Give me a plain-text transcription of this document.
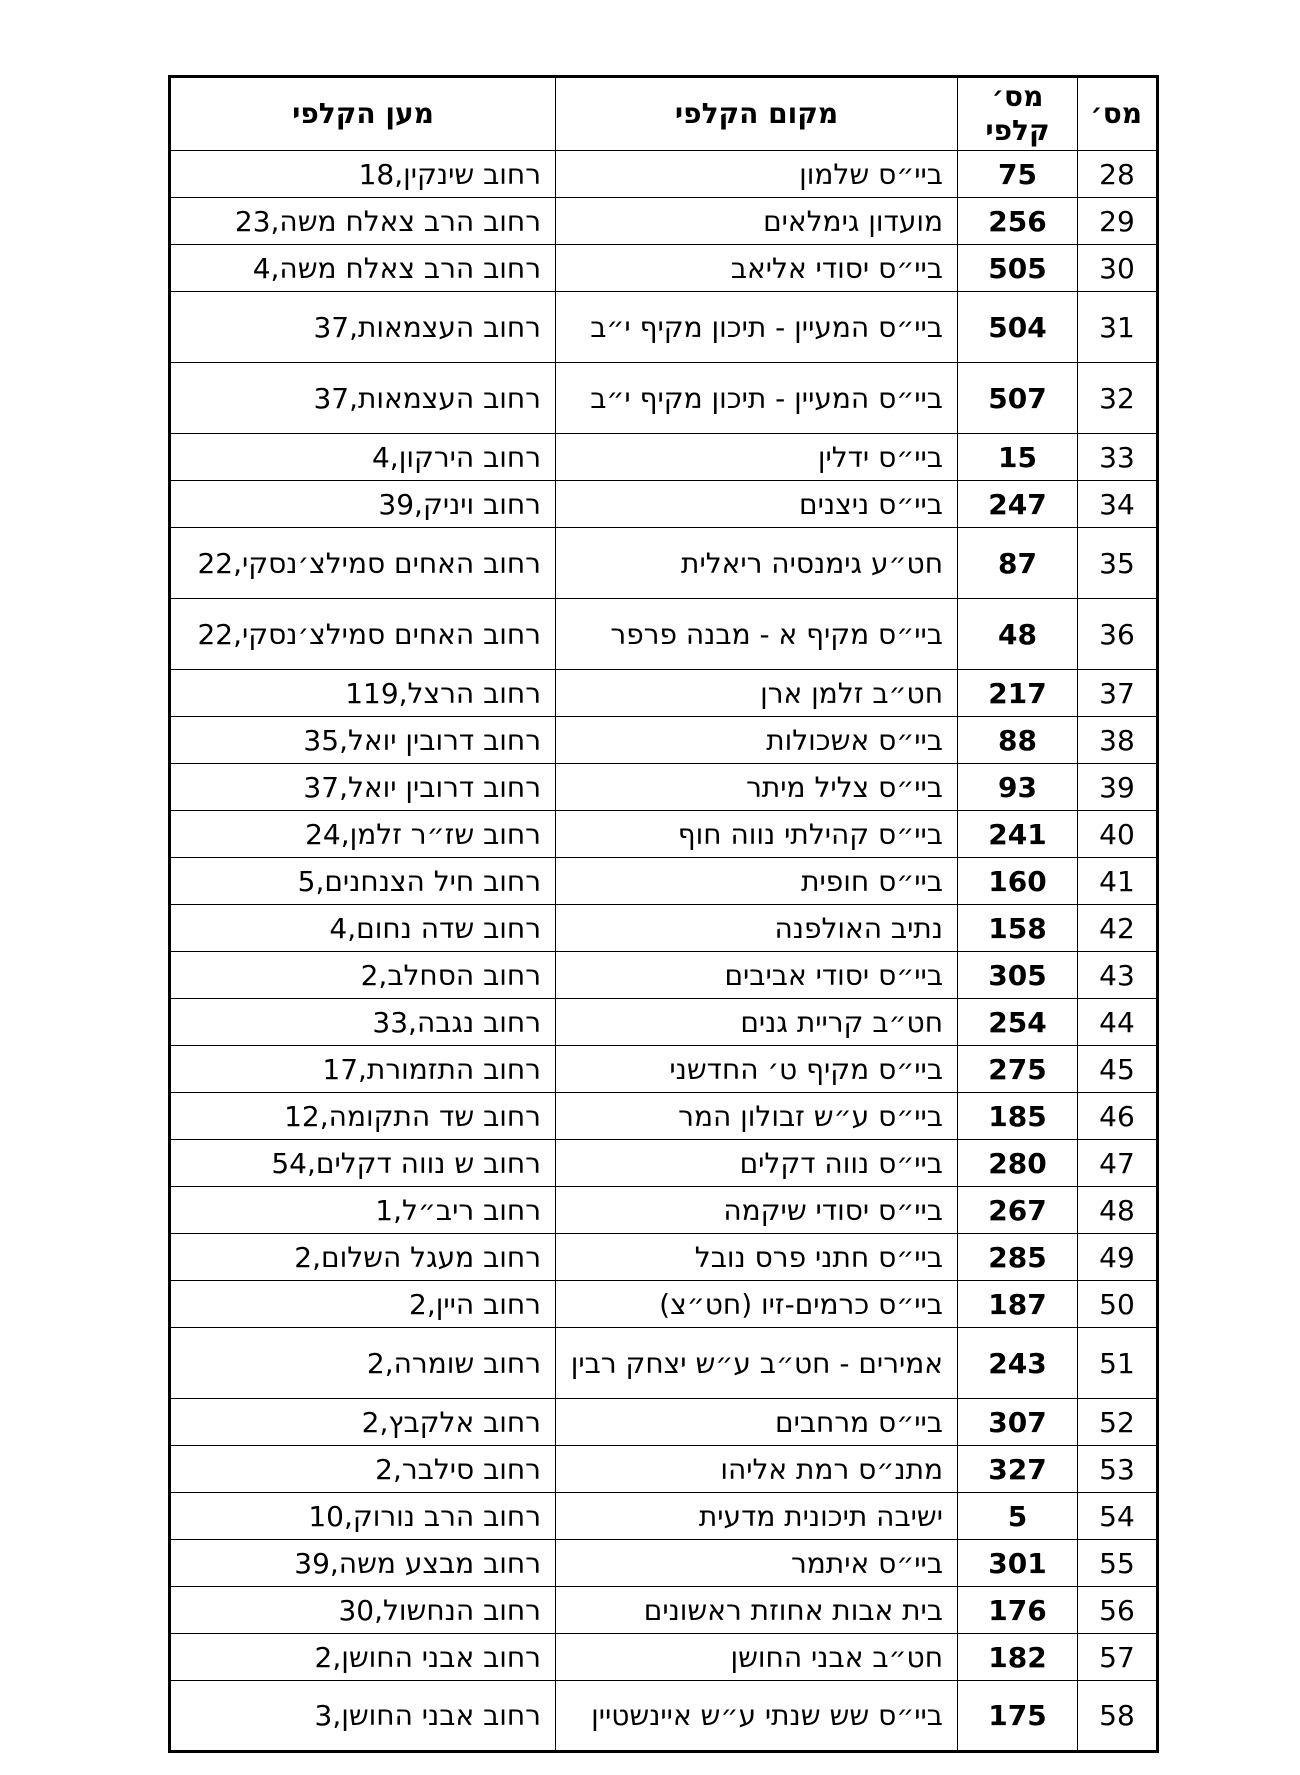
מס׳	מס׳ קלפי	מקום הקלפי	מען הקלפי
28	75	ביי״ס שלמון	רחוב שינקין,18
29	256	מועדון גימלאים	רחוב הרב צאלח משה,23
30	505	ביי״ס יסודי אליאב	רחוב הרב צאלח משה,4
31	504	ביי״ס המעיין - תיכון מקיף י״ב	רחוב העצמאות,37
32	507	ביי״ס המעיין - תיכון מקיף י״ב	רחוב העצמאות,37
33	15	ביי״ס ידלין	רחוב הירקון,4
34	247	ביי״ס ניצנים	רחוב ויניק,39
35	87	חט״ע גימנסיה ריאלית	רחוב האחים סמילצ׳נסקי,22
36	48	ביי״ס מקיף א - מבנה פרפר	רחוב האחים סמילצ׳נסקי,22
37	217	חט״ב זלמן ארן	רחוב הרצל,119
38	88	ביי״ס אשכולות	רחוב דרובין יואל,35
39	93	ביי״ס צליל מיתר	רחוב דרובין יואל,37
40	241	ביי״ס קהילתי נווה חוף	רחוב שז״ר זלמן,24
41	160	ביי״ס חופית	רחוב חיל הצנחנים,5
42	158	נתיב האולפנה	רחוב שדה נחום,4
43	305	ביי״ס יסודי אביבים	רחוב הסחלב,2
44	254	חט״ב קריית גנים	רחוב נגבה,33
45	275	ביי״ס מקיף ט׳ החדשני	רחוב התזמורת,17
46	185	ביי״ס ע״ש זבולון המר	רחוב שד התקומה,12
47	280	ביי״ס נווה דקלים	רחוב ש נווה דקלים,54
48	267	ביי״ס יסודי שיקמה	רחוב ריב״ל,1
49	285	ביי״ס חתני פרס נובל	רחוב מעגל השלום,2
50	187	ביי״ס כרמים-זיו (חט״צ)	רחוב היין,2
51	243	אמירים - חט״ב ע״ש יצחק רבין	רחוב שומרה,2
52	307	ביי״ס מרחבים	רחוב אלקבץ,2
53	327	מתנ״ס רמת אליהו	רחוב סילבר,2
54	5	ישיבה תיכונית מדעית	רחוב הרב נורוק,10
55	301	ביי״ס איתמר	רחוב מבצע משה,39
56	176	בית אבות אחוזת ראשונים	רחוב הנחשול,30
57	182	חט״ב אבני החושן	רחוב אבני החושן,2
58	175	ביי״ס שש שנתי ע״ש איינשטיין	רחוב אבני החושן,3
